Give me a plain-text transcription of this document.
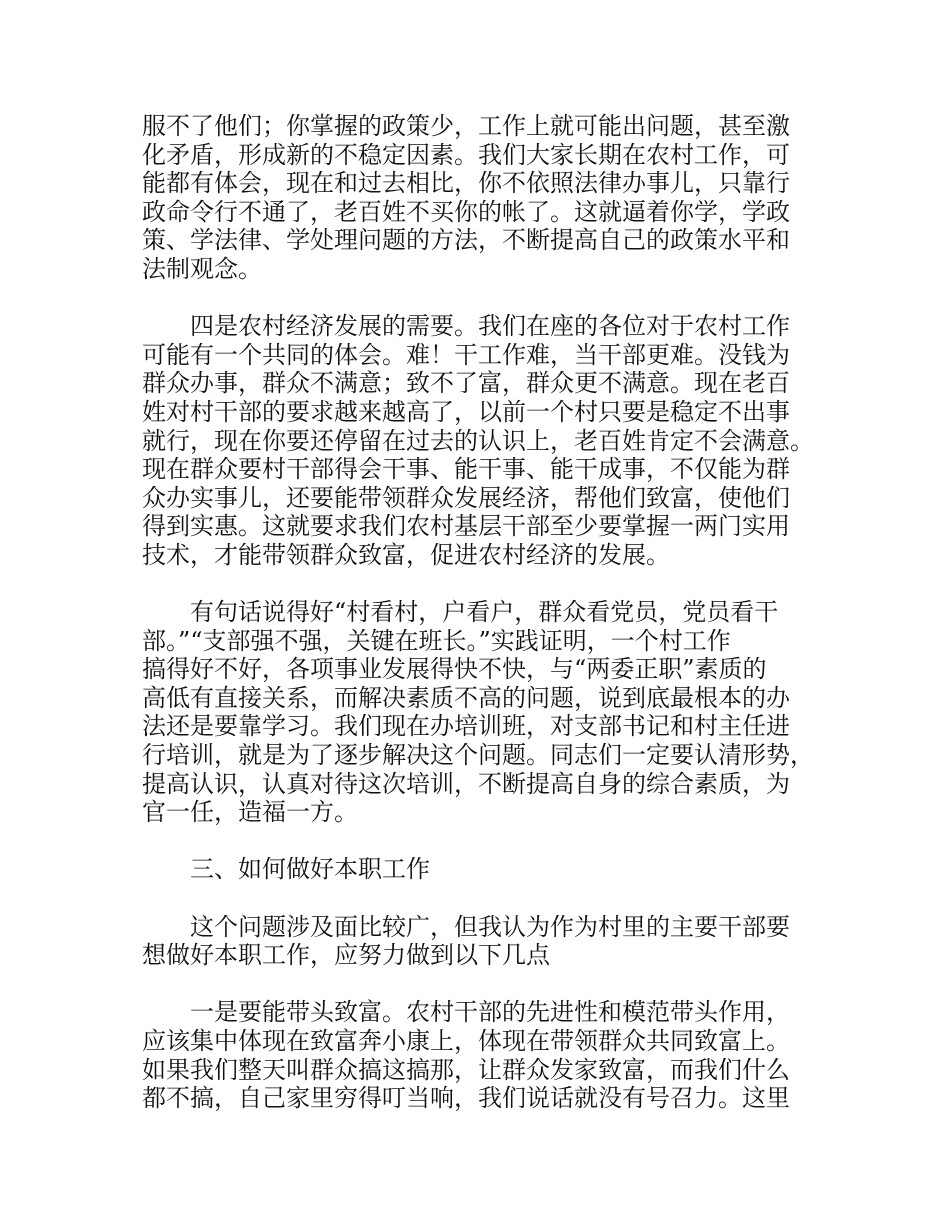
服不了他们；你掌握的政策少，工作上就可能出问题，甚至激
化矛盾，形成新的不稳定因素。我们大家长期在农村工作，可
能都有体会，现在和过去相比，你不依照法律办事儿，只靠行
政命令行不通了，老百姓不买你的帐了。这就逼着你学，学政
策、学法律、学处理问题的方法，不断提高自己的政策水平和
法制观念。

四是农村经济发展的需要。我们在座的各位对于农村工作
可能有一个共同的体会。难！干工作难，当干部更难。没钱为
群众办事，群众不满意；致不了富，群众更不满意。现在老百
姓对村干部的要求越来越高了，以前一个村只要是稳定不出事
就行，现在你要还停留在过去的认识上，老百姓肯定不会满意。
现在群众要村干部得会干事、能干事、能干成事，不仅能为群
众办实事儿，还要能带领群众发展经济，帮他们致富，使他们
得到实惠。这就要求我们农村基层干部至少要掌握一两门实用
技术，才能带领群众致富，促进农村经济的发展。

有句话说得好“村看村，户看户，群众看党员，党员看干
部。”“支部强不强，关键在班长。”实践证明，一个村工作
搞得好不好，各项事业发展得快不快，与“两委正职”素质的
高低有直接关系，而解决素质不高的问题，说到底最根本的办
法还是要靠学习。我们现在办培训班，对支部书记和村主任进
行培训，就是为了逐步解决这个问题。同志们一定要认清形势，
提高认识，认真对待这次培训，不断提高自身的综合素质，为
官一任，造福一方。

三、如何做好本职工作

这个问题涉及面比较广，但我认为作为村里的主要干部要
想做好本职工作，应努力做到以下几点

一是要能带头致富。农村干部的先进性和模范带头作用，
应该集中体现在致富奔小康上，体现在带领群众共同致富上。
如果我们整天叫群众搞这搞那，让群众发家致富，而我们什么
都不搞，自己家里穷得叮当响，我们说话就没有号召力。这里
